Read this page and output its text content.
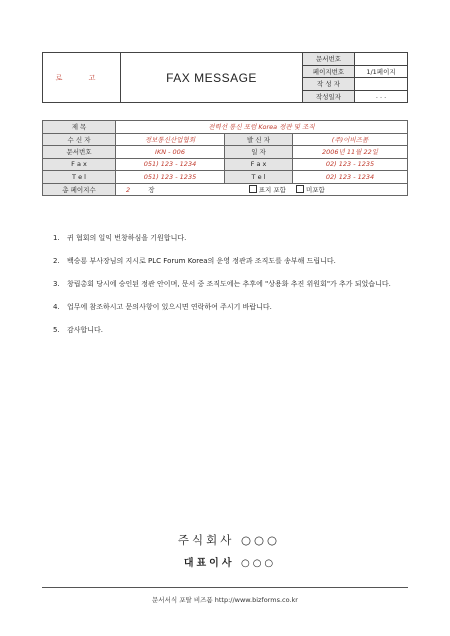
로 고	FAX MESSAGE	문서번호	
		페이지번호	1/1페이지
		작 성 자	
		작성일자	. . .
제 목	전력선 통신 포럼 Korea 정관 및 조직		
수 신 자	정보통신산업협회	발 신 자	(주)이비즈폼
문서번호	IKN - 006	일 자	2006년 11월 22일
F a x	051) 123 - 1234	F a x	02) 123 - 1235
T e l	051) 123 - 1235	T e l	02) 123 - 1234
총 페이지수	2 장 표지 포함 미포함		

1. 귀 협회의 일익 번창하심을 기원합니다.

2. 백승룡 부사장님의 지시로 PLC Forum Korea의 운영 정관과 조직도를 송부해 드립니다.

3. 창립총회 당시에 승인된 정관 안이며, 문서 중 조직도에는 추후에 "상용화 추진 위원회"가 추가 되었습니다.

4. 업무에 참조하시고 문의사항이 있으시면 연락하여 주시기 바랍니다.

5. 감사합니다.

주식회사 ○○○
대표이사 ○○○
문서서식 포탈 비즈폼 http://www.bizforms.co.kr
